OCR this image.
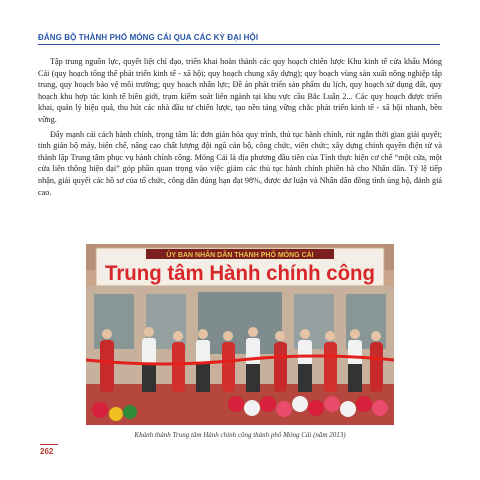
ĐẢNG BỘ THÀNH PHỐ MÓNG CÁI QUA CÁC KỲ ĐẠI HỘI

Tập trung nguồn lực, quyết liệt chỉ đạo, triển khai hoàn thành các quy hoạch chiến lược Khu kinh tế cửa khẩu Móng Cái (quy hoạch tổng thể phát triển kinh tế - xã hội; quy hoạch chung xây dựng); quy hoạch vùng sản xuất nông nghiệp tập trung, quy hoạch bảo vệ môi trường; quy hoạch nhân lực; Đề án phát triển sản phẩm du lịch, quy hoạch sử dụng đất, quy hoạch khu hợp tác kinh tế biên giới, trạm kiểm soát liên ngành tại khu vực cầu Bắc Luân 2... Các quy hoạch được triển khai, quản lý hiệu quả, thu hút các nhà đầu tư chiến lược, tạo nền tảng vững chắc phát triển kinh tế - xã hội nhanh, bền vững.

Đẩy mạnh cải cách hành chính, trọng tâm là: đơn giản hóa quy trình, thủ tục hành chính, rút ngắn thời gian giải quyết; tinh giản bộ máy, biên chế, nâng cao chất lượng đội ngũ cán bộ, công chức, viên chức; xây dựng chính quyền điện tử và thành lập Trung tâm phục vụ hành chính công. Móng Cái là địa phương đầu tiên của Tỉnh thực hiện cơ chế “một cửa, một cửa liên thông hiện đại” góp phần quan trọng vào việc giảm các thủ tục hành chính phiền hà cho Nhân dân. Tỷ lệ tiếp nhận, giải quyết các hồ sơ của tổ chức, công dân đúng hạn đạt 98%, được dư luận và Nhân dân đồng tình ủng hộ, đánh giá cao.

ỦY BAN NHÂN DÂN THÀNH PHỐ MÓNG CÁI
Trung tâm Hành chính công
Khánh thành Trung tâm Hành chính công thành phố Móng Cái (năm 2013)
262
